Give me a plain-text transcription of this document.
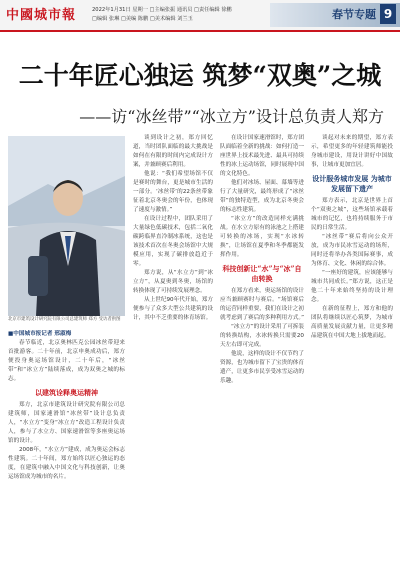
中國城市報	2022年1月31日 星期一 □主编张振 通讯员 □责任编辑 徐鹏
□编辑 张琳 □美编 陈鹏 □美术编辑 刘兰玉	春节专题 9
二十年匠心独运 筑梦“双奥”之城
——访“冰丝带”“冰立方”设计总负责人郑方
北京市建筑设计研究院有限公司总建筑师 郑方 受访者供图

■中国城市报记者 邢淑梅

春节临近，北京奥林匹克公园冰丝带迎来首批游客。二十年前，北京申奥成功后，郑方便投身奥运场馆设计，二十年后，“冰丝带”和“冰立方”陆续落成，成为双奥之城的标志。

以建筑诠释奥运精神

郑方，北京市建筑设计研究院有限公司总建筑师，国家速滑馆“冰丝带”设计总负责人，“水立方”变身“冰立方”改造工程设计负责人，参与了水立方、国家速滑馆等多座奥运场馆的设计。

2008年，“水立方”建成，成为奥运会标志性建筑。二十年间，郑方始终以匠心独运的态度，在建筑中融入中国文化与科技创新，让奥运场馆成为城市的名片。

谈到设计之初，郑方回忆道，当时团队面临的最大挑战是如何在有限的时间内完成设计方案，并兼顾赛后利用。

他说：“我们希望场馆不仅是赛时的舞台，更是城市生活的一部分。‘冰丝带’的22条丝带象征着北京冬奥会的年份，也体现了速度与激情。”

在设计过程中，团队采用了大量绿色低碳技术，包括二氧化碳跨临界直冷制冰系统，这也是该技术首次在冬奥会场馆中大规模应用，实现了碳排放趋近于零。

郑方说，从“水立方”到“冰立方”，从夏奥到冬奥，场馆的转换体现了可持续发展理念。

从上世纪90年代开始，郑方便参与了众多大型公共建筑的设计，其中不乏重要的体育场馆。

在设计国家速滑馆时，郑方团队面临着全新的挑战：如何打造一座世界上技术最先进、最具可持续性的冰上运动场馆，同时展现中国的文化特色。

他们对冰场、屋面、幕墙等进行了大量研究，最终形成了“冰丝带”的独特造型，成为北京冬奥会的标志性建筑。

“冰立方”的改造同样充满挑战。在水立方原有的泳池之上搭建可转换的冰场，实现“水冰转换”，让场馆在夏季和冬季都能发挥作用。

科技创新让“水”与“冰”自由转换

在郑方看来，奥运场馆的设计应当兼顾赛时与赛后。“场馆赛后的运营同样重要，我们在设计之初就考虑到了赛后的多种利用方式。”

“冰立方”的设计采用了可拆装的转换结构，水冰转换只需要20天左右即可完成。

他说，这样的设计不仅节约了资源，也为城市留下了宝贵的体育遗产，让更多市民享受冰雪运动的乐趣。

谈起对未来的期望，郑方表示，希望更多的年轻建筑师能投身城市建设，用设计讲好中国故事，让城市更加宜居。

设计服务城市发展 为城市发展留下遗产

郑方表示，北京是世界上首个“双奥之城”，这些场馆承载着城市的记忆，也将持续服务于市民的日常生活。

“冰丝带”赛后将向公众开放，成为市民冰雪运动的场所，同时还将举办各类国际赛事，成为体育、文化、休闲的综合体。

“一座好的建筑，应该能够与城市共同成长。”郑方说，这正是他二十年来始终坚持的设计理念。

在新的征程上，郑方和他的团队将继续以匠心筑梦，为城市高质量发展贡献力量，让更多精品建筑在中国大地上拔地而起。
